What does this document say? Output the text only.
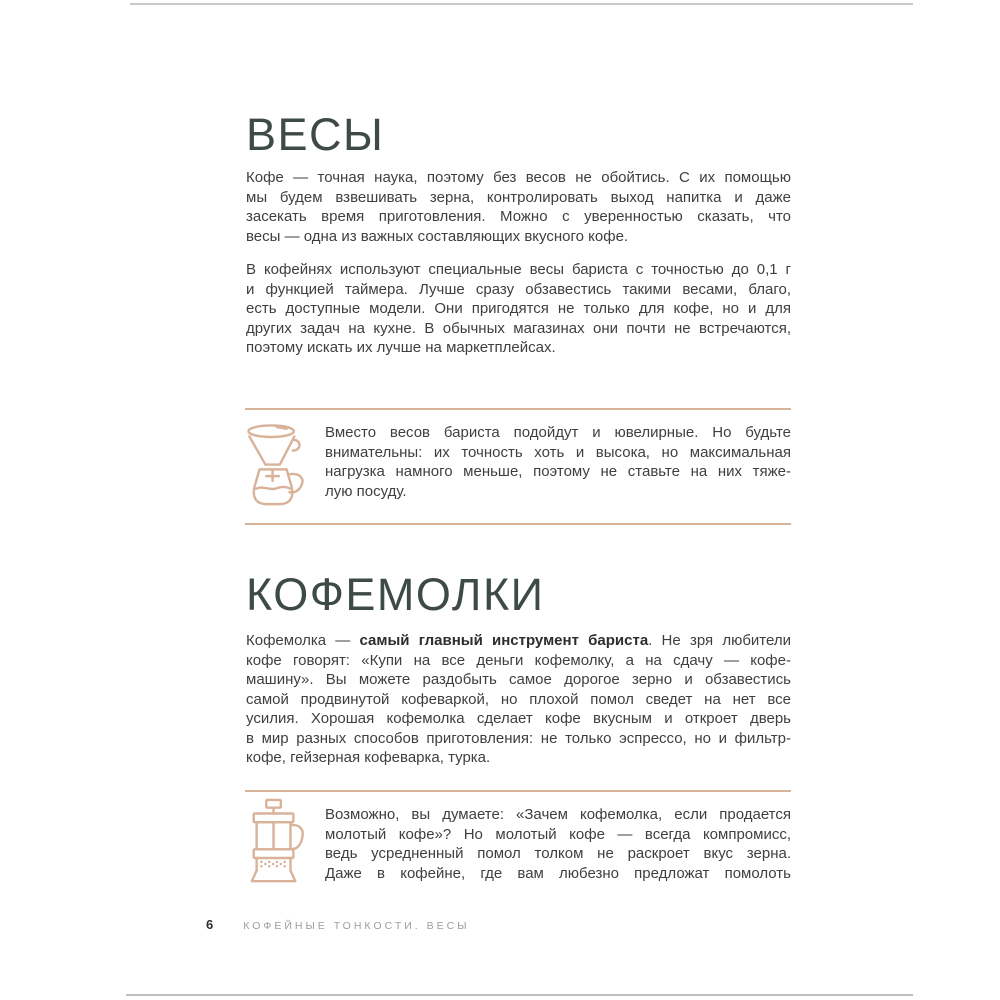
ВЕСЫ
Кофе — точная наука, поэтому без весов не обойтись. С их помощью
мы будем взвешивать зерна, контролировать выход напитка и даже
засекать время приготовления. Можно с уверенностью сказать, что
весы — одна из важных составляющих вкусного кофе.
В кофейнях используют специальные весы бариста с точностью до 0,1 г
и функцией таймера. Лучше сразу обзавестись такими весами, благо,
есть доступные модели. Они пригодятся не только для кофе, но и для
других задач на кухне. В обычных магазинах они почти не встречаются,
поэтому искать их лучше на маркетплейсах.
Вместо весов бариста подойдут и ювелирные. Но будьте
внимательны: их точность хоть и высока, но максимальная
нагрузка намного меньше, поэтому не ставьте на них тяже-
лую посуду.
КОФЕМОЛКИ
Кофемолка — самый главный инструмент бариста. Не зря любители
кофе говорят: «Купи на все деньги кофемолку, а на сдачу — кофе-
машину». Вы можете раздобыть самое дорогое зерно и обзавестись
самой продвинутой кофеваркой, но плохой помол сведет на нет все
усилия. Хорошая кофемолка сделает кофе вкусным и откроет дверь
в мир разных способов приготовления: не только эспрессо, но и фильтр-
кофе, гейзерная кофеварка, турка.
Возможно, вы думаете: «Зачем кофемолка, если продается
молотый кофе»? Но молотый кофе — всегда компромисс,
ведь усредненный помол толком не раскроет вкус зерна.
Даже в кофейне, где вам любезно предложат помолоть
6	КОФЕЙНЫЕ ТОНКОСТИ. ВЕСЫ
